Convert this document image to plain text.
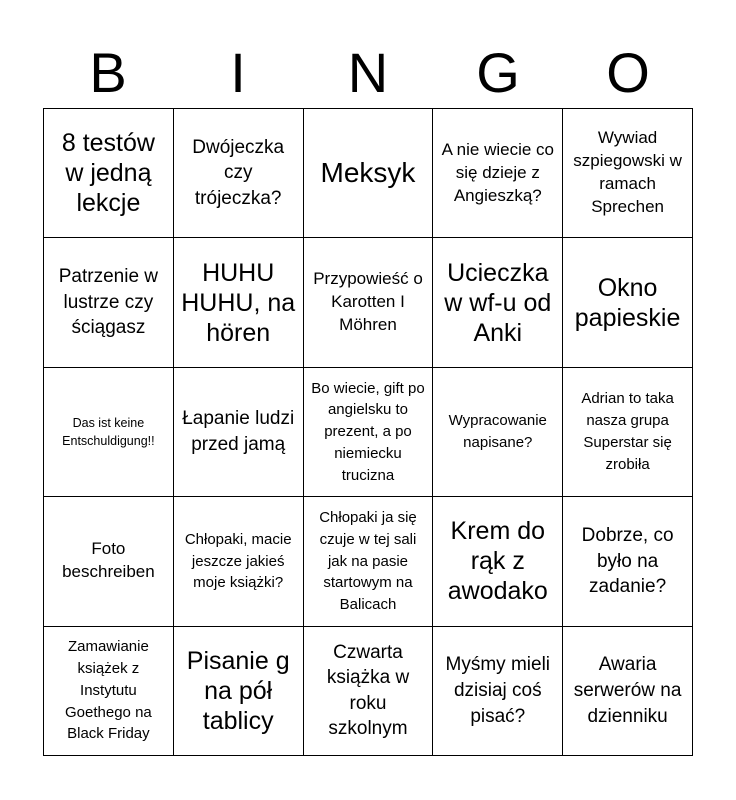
B	I	N	G	O
8 testów w jedną lekcje
Dwójeczka czy trójeczka?
Meksyk
A nie wiecie co się dzieje z Angieszką?
Wywiad szpiegowski w ramach Sprechen
Patrzenie w lustrze czy ściągasz
HUHU HUHU, na hören
Przypowieść o Karotten I Möhren
Ucieczka w wf-u od Anki
Okno papieskie
Das ist keine Entschuldigung!!
Łapanie ludzi przed jamą
Bo wiecie, gift po angielsku to prezent, a po niemiecku trucizna
Wypracowanie napisane?
Adrian to taka nasza grupa Superstar się zrobiła
Foto beschreiben
Chłopaki, macie jeszcze jakieś moje książki?
Chłopaki ja się czuje w tej sali jak na pasie startowym na Balicach
Krem do rąk z awodako
Dobrze, co było na zadanie?
Zamawianie książek z Instytutu Goethego na Black Friday
Pisanie g na pół tablicy
Czwarta książka w roku szkolnym
Myśmy mieli dzisiaj coś pisać?
Awaria serwerów na dzienniku
